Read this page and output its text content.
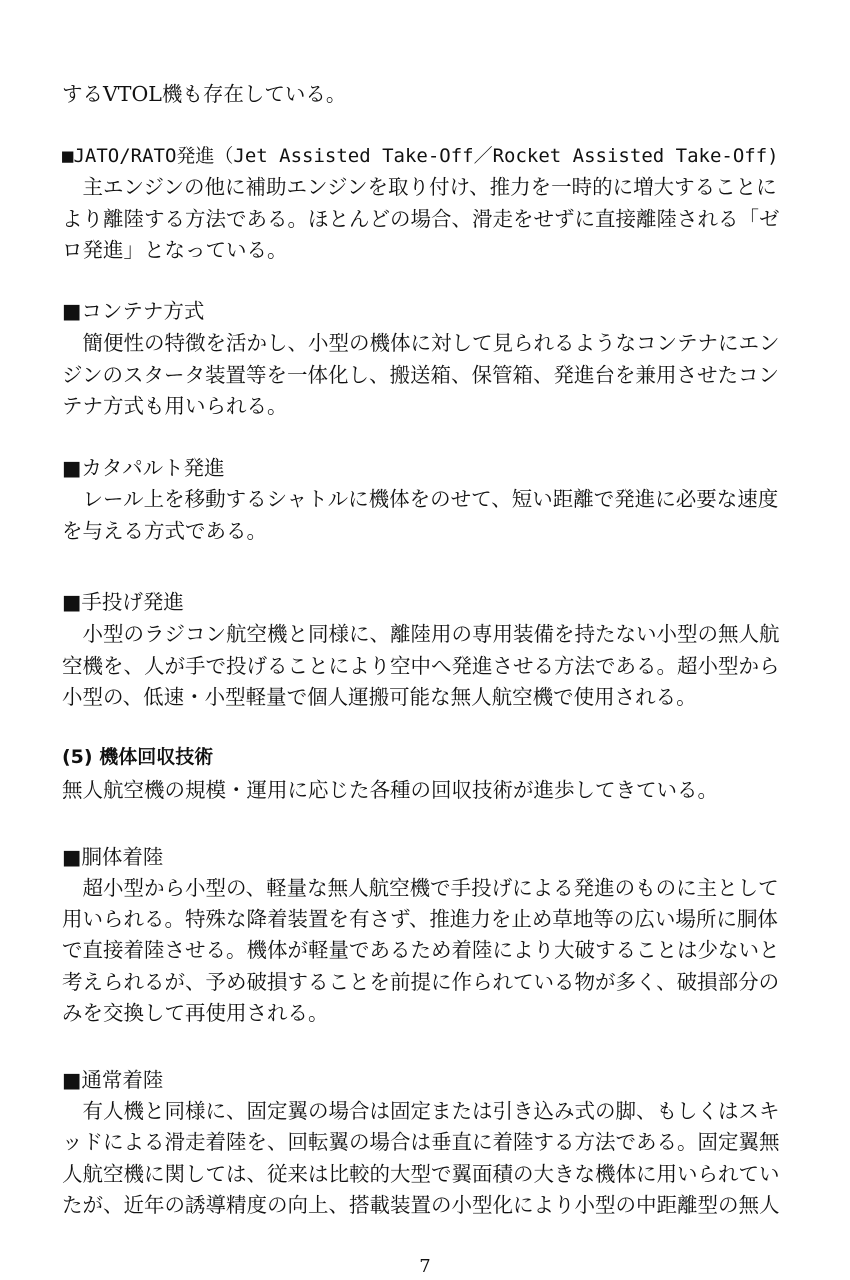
するVTOL機も存在している。
■JATO/RATO発進（Jet Assisted Take-Off／Rocket Assisted Take-Off)
　主エンジンの他に補助エンジンを取り付け、推力を一時的に増大することに
より離陸する方法である。ほとんどの場合、滑走をせずに直接離陸される「ゼ
ロ発進」となっている。
■コンテナ方式
　簡便性の特徴を活かし、小型の機体に対して見られるようなコンテナにエン
ジンのスタータ装置等を一体化し、搬送箱、保管箱、発進台を兼用させたコン
テナ方式も用いられる。
■カタパルト発進
　レール上を移動するシャトルに機体をのせて、短い距離で発進に必要な速度
を与える方式である。
■手投げ発進
　小型のラジコン航空機と同様に、離陸用の専用装備を持たない小型の無人航
空機を、人が手で投げることにより空中へ発進させる方法である。超小型から
小型の、低速・小型軽量で個人運搬可能な無人航空機で使用される。
(5) 機体回収技術
無人航空機の規模・運用に応じた各種の回収技術が進歩してきている。
■胴体着陸
　超小型から小型の、軽量な無人航空機で手投げによる発進のものに主として
用いられる。特殊な降着装置を有さず、推進力を止め草地等の広い場所に胴体
で直接着陸させる。機体が軽量であるため着陸により大破することは少ないと
考えられるが、予め破損することを前提に作られている物が多く、破損部分の
みを交換して再使用される。
■通常着陸
　有人機と同様に、固定翼の場合は固定または引き込み式の脚、もしくはスキ
ッドによる滑走着陸を、回転翼の場合は垂直に着陸する方法である。固定翼無
人航空機に関しては、従来は比較的大型で翼面積の大きな機体に用いられてい
たが、近年の誘導精度の向上、搭載装置の小型化により小型の中距離型の無人
7
